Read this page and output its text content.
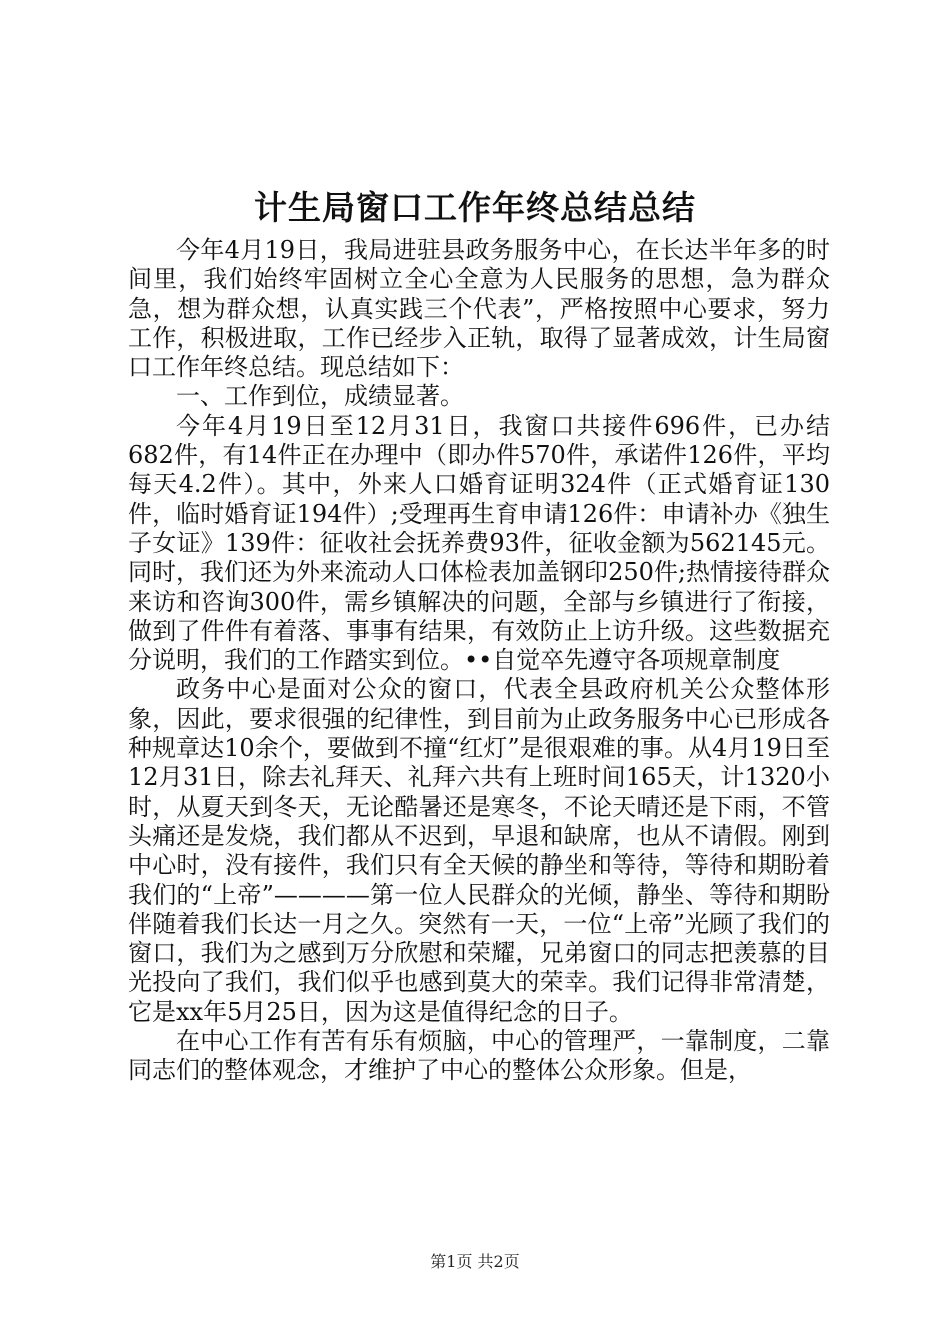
计生局窗口工作年终总结总结

今年4月19日，我局进驻县政务服务中心，在长达半年多的时间里，我们始终牢固树立全心全意为人民服务的思想，急为群众急，想为群众想，认真实践三个代表”，严格按照中心要求，努力工作，积极进取，工作已经步入正轨，取得了显著成效，计生局窗口工作年终总结。现总结如下：

一、工作到位，成绩显著。

今年4月19日至12月31日，我窗口共接件696件，已办结682件，有14件正在办理中（即办件570件，承诺件126件，平均每天4.2件）。其中，外来人口婚育证明324件（正式婚育证130件，临时婚育证194件）;受理再生育申请126件：申请补办《独生子女证》139件：征收社会抚养费93件，征收金额为562145元。同时，我们还为外来流动人口体检表加盖钢印250件;热情接待群众来访和咨询300件，需乡镇解决的问题，全部与乡镇进行了衔接，做到了件件有着落、事事有结果，有效防止上访升级。这些数据充分说明，我们的工作踏实到位。••自觉卒先遵守各项规章制度

政务中心是面对公众的窗口，代表全县政府机关公众整体形象，因此，要求很强的纪律性，到目前为止政务服务中心已形成各种规章达10余个，要做到不撞“红灯”是很艰难的事。从4月19日至12月31日，除去礼拜天、礼拜六共有上班时间165天，计1320小时，从夏天到冬天，无论酷暑还是寒冬，不论天晴还是下雨，不管头痛还是发烧，我们都从不迟到，早退和缺席，也从不请假。刚到中心时，没有接件，我们只有全天候的静坐和等待，等待和期盼着我们的“上帝”————第一位人民群众的光倾，静坐、等待和期盼伴随着我们长达一月之久。突然有一天，一位“上帝”光顾了我们的窗口，我们为之感到万分欣慰和荣耀，兄弟窗口的同志把羡慕的目光投向了我们，我们似乎也感到莫大的荣幸。我们记得非常清楚，它是xx年5月25日，因为这是值得纪念的日子。

在中心工作有苦有乐有烦脑，中心的管理严，一靠制度，二靠同志们的整体观念，才维护了中心的整体公众形象。但是，

第1页 共2页
